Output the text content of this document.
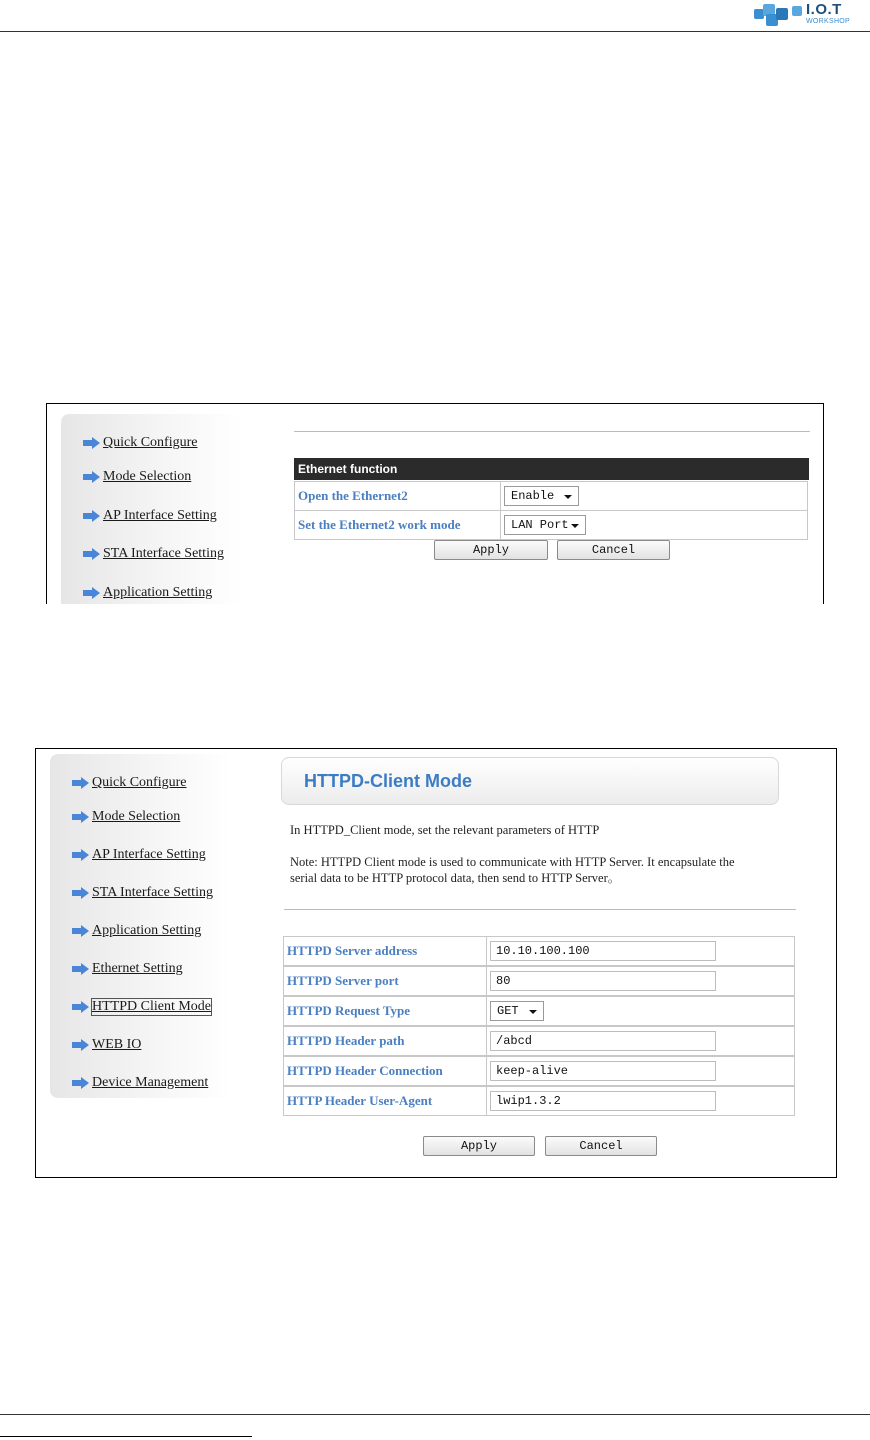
I.O.T
WORKSHOP
Quick Configure
Mode Selection
AP Interface Setting
STA Interface Setting
Application Setting
Ethernet function
Open the Ethernet2	Enable
Set the Ethernet2 work mode	LAN Port
Apply	Cancel
Quick Configure
Mode Selection
AP Interface Setting
STA Interface Setting
Application Setting
Ethernet Setting
HTTPD Client Mode
WEB IO
Device Management
HTTPD-Client Mode
In HTTPD_Client mode, set the relevant parameters of HTTP
Note: HTTPD Client mode is used to communicate with HTTP Server. It encapsulate the
serial data to be HTTP protocol data, then send to HTTP Server。
HTTPD Server address	10.10.100.100
HTTPD Server port	80
HTTPD Request Type	GET
HTTPD Header path	/abcd
HTTPD Header Connection	keep-alive
HTTP Header User-Agent	lwip1.3.2
Apply	Cancel
